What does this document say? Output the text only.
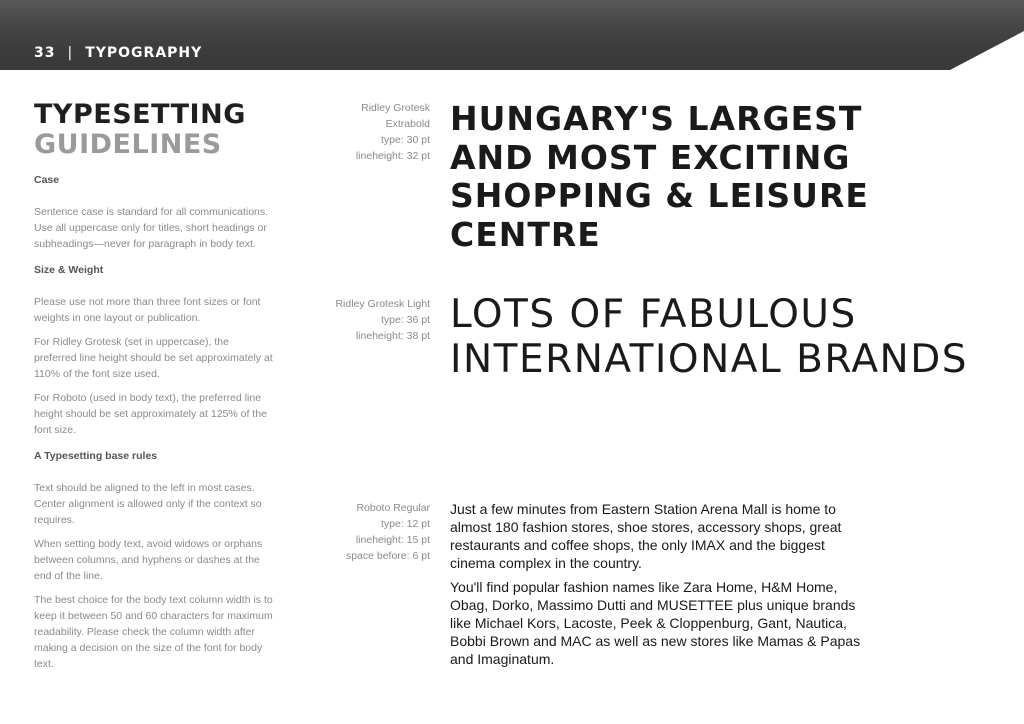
33 | TYPOGRAPHY
TYPESETTING
GUIDELINES

Case

Sentence case is standard for all communications. Use all uppercase only for titles, short headings or subheadings—never for paragraph in body text.

Size & Weight

Please use not more than three font sizes or font weights in one layout or publication.

For Ridley Grotesk (set in uppercase), the preferred line height should be set approximately at 110% of the font size used.

For Roboto (used in body text), the preferred line height should be set approximately at 125% of the font size.

A Typesetting base rules

Text should be aligned to the left in most cases. Center alignment is allowed only if the context so requires.

When setting body text, avoid widows or orphans between columns, and hyphens or dashes at the end of the line.

The best choice for the body text column width is to keep it between 50 and 60 characters for maximum readability. Please check the column width after making a decision on the size of the font for body text.

Ridley Grotesk
Extrabold
type: 30 pt
lineheight: 32 pt
HUNGARY'S LARGEST AND MOST EXCITING SHOPPING & LEISURE CENTRE
Ridley Grotesk Light
type: 36 pt
lineheight: 38 pt LOTS OF FABULOUS INTERNATIONAL BRANDS
Roboto Regular
type: 12 pt
lineheight: 15 pt
space before: 6 pt

Just a few minutes from Eastern Station Arena Mall is home to almost 180 fashion stores, shoe stores, accessory shops, great restaurants and coffee shops, the only IMAX and the biggest cinema complex in the country.

You'll find popular fashion names like Zara Home, H&M Home, Obag, Dorko, Massimo Dutti and MUSETTEE plus unique brands like Michael Kors, Lacoste, Peek & Cloppenburg, Gant, Nautica, Bobbi Brown and MAC as well as new stores like Mamas & Papas and Imaginatum.
